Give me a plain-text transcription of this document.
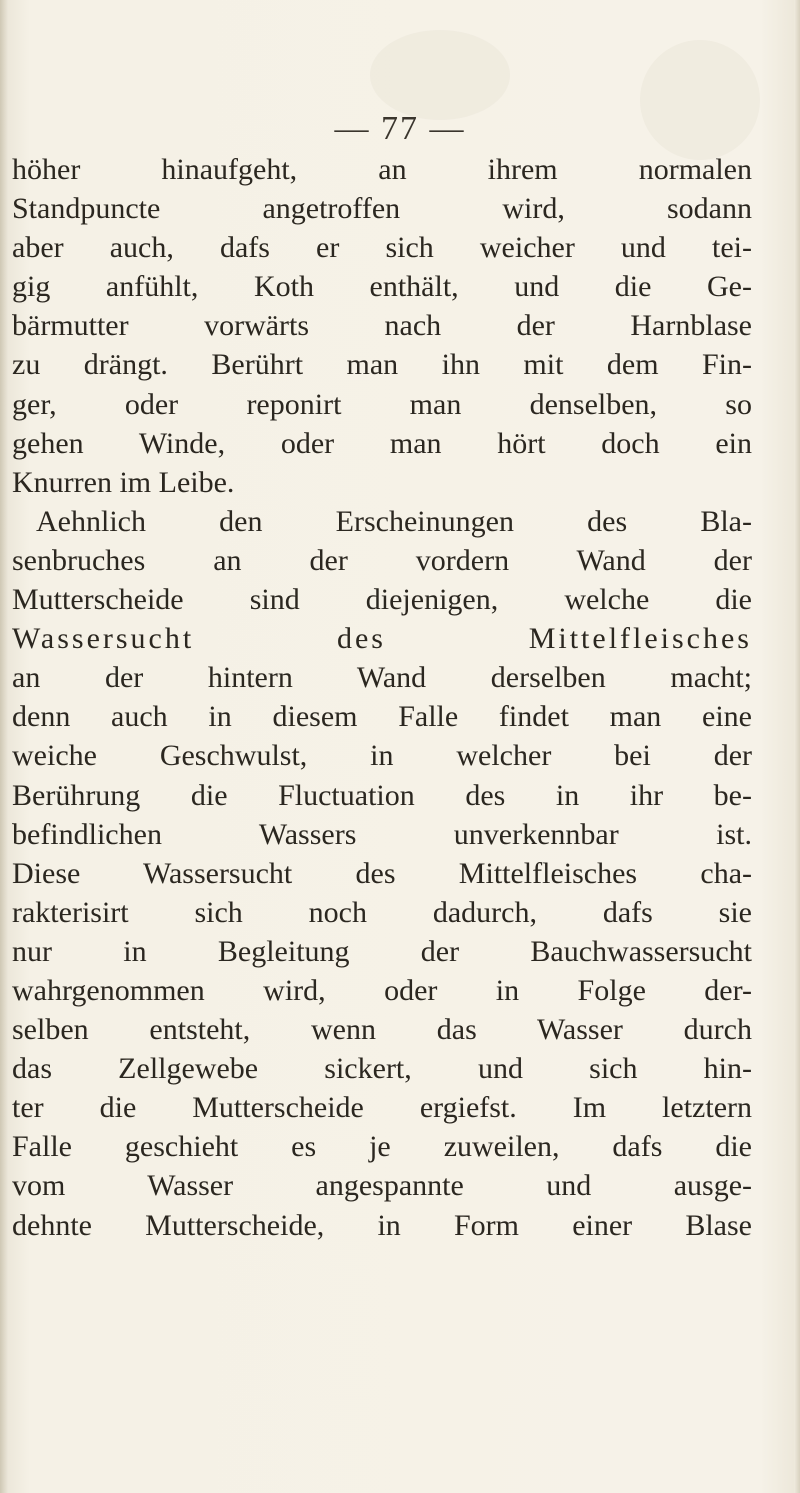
— 77 —
höher hinaufgeht, an ihrem normalen
Standpuncte angetroffen wird, sodann
aber auch, dafs er sich weicher und tei-
gig anfühlt, Koth enthält, und die Ge-
bärmutter vorwärts nach der Harnblase
zu drängt. Berührt man ihn mit dem Fin-
ger, oder reponirt man denselben, so
gehen Winde, oder man hört doch ein
Knurren im Leibe.
Aehnlich den Erscheinungen des Bla-
senbruches an der vordern Wand der
Mutterscheide sind diejenigen, welche die
Wassersucht des Mittelfleisches
an der hintern Wand derselben macht;
denn auch in diesem Falle findet man eine
weiche Geschwulst, in welcher bei der
Berührung die Fluctuation des in ihr be-
befindlichen Wassers unverkennbar ist.
Diese Wassersucht des Mittelfleisches cha-
rakterisirt sich noch dadurch, dafs sie
nur in Begleitung der Bauchwassersucht
wahrgenommen wird, oder in Folge der-
selben entsteht, wenn das Wasser durch
das Zellgewebe sickert, und sich hin-
ter die Mutterscheide ergiefst. Im letztern
Falle geschieht es je zuweilen, dafs die
vom Wasser angespannte und ausge-
dehnte Mutterscheide, in Form einer Blase
